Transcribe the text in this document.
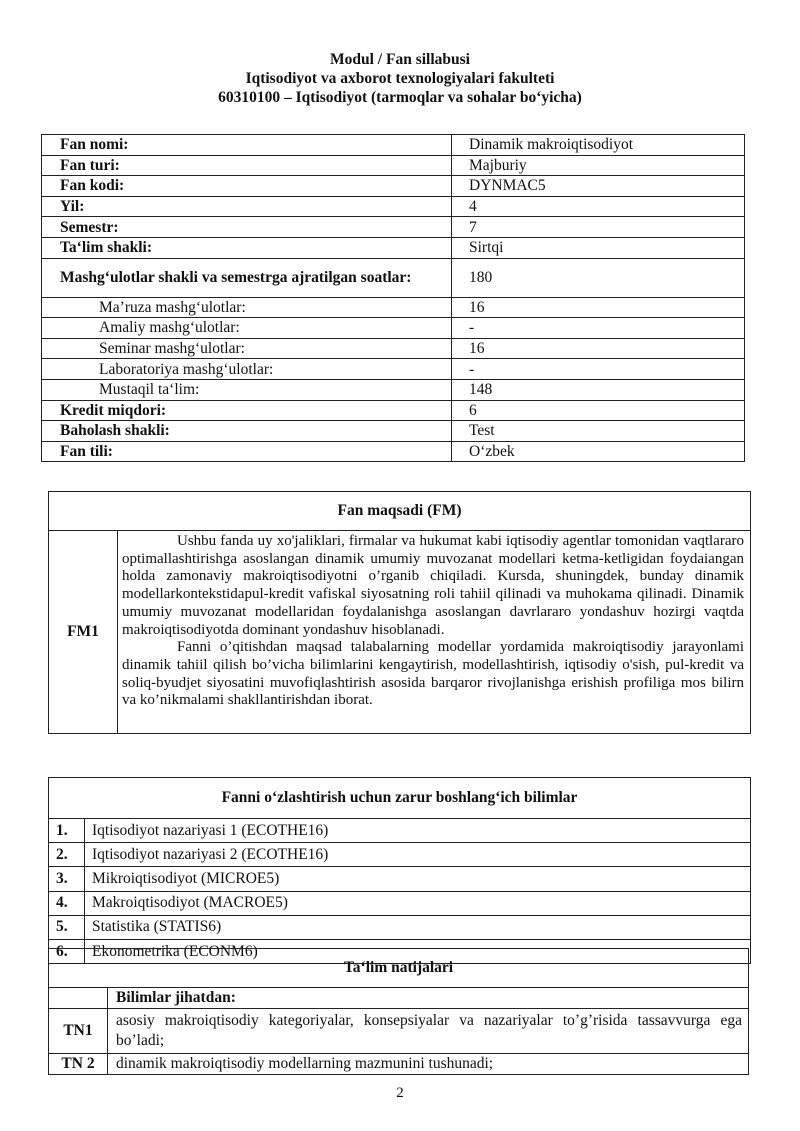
Modul / Fan sillabusi
Iqtisodiyot va axborot texnologiyalari fakulteti
60310100 – Iqtisodiyot (tarmoqlar va sohalar bo‘yicha)
Fan nomi:	Dinamik makroiqtisodiyot
Fan turi:	Majburiy
Fan kodi:	DYNMAC5
Yil:	4
Semestr:	7
Ta‘lim shakli:	Sirtqi
Mashg‘ulotlar shakli va semestrga ajratilgan soatlar:	180
Ma’ruza mashg‘ulotlar:	16
Amaliy mashg‘ulotlar:	-
Seminar mashg‘ulotlar:	16
Laboratoriya mashg‘ulotlar:	-
Mustaqil ta‘lim:	148
Kredit miqdori:	6
Baholash shakli:	Test
Fan tili:	O‘zbek
Fan maqsadi (FM)
FM1	

Ushbu fanda uy xo'jaliklari, firmalar va hukumat kabi iqtisodiy agentlar tomonidan vaqtlararo optimallashtirishga asoslangan dinamik umumiy muvozanat modellari ketma-ketligidan foydaiangan holda zamonaviy makroiqtisodiyotni o’rganib chiqiladi. Kursda, shuningdek, bunday dinamik modellarkontekstidapul-kredit vafiskal siyosatning roli tahiil qilinadi va muhokama qilinadi. Dinamik umumiy muvozanat modellaridan foydalanishga asoslangan davrlararo yondashuv hozirgi vaqtda makroiqtisodiyotda dominant yondashuv hisoblanadi.

Fanni o’qitishdan maqsad talabalarning modellar yordamida makroiqtisodiy jarayonlami dinamik tahiil qilish bo’vicha bilimlarini kengaytirish, modellashtirish, iqtisodiy o'sish, pul-kredit va soliq-byudjet siyosatini muvofiqlashtirish asosida barqaror rivojlanishga erishish profiliga mos bilirn va ko’nikmalami shakllantirishdan iborat.

Fanni o‘zlashtirish uchun zarur boshlang‘ich bilimlar	
1.	Iqtisodiyot nazariyasi 1 (ECOTHE16)
2.	Iqtisodiyot nazariyasi 2 (ECOTHE16)
3.	Mikroiqtisodiyot (MICROE5)
4.	Makroiqtisodiyot (MACROE5)
5.	Statistika (STATIS6)
6.	Ekonometrika (ECONM6)
Ta‘lim natijalari	
	Bilimlar jihatdan:
TN1	asosiy makroiqtisodiy kategoriyalar, konsepsiyalar va nazariyalar to’g’risida tassavvurga ega bo’ladi;
TN 2	dinamik makroiqtisodiy modellarning mazmunini tushunadi;
2
